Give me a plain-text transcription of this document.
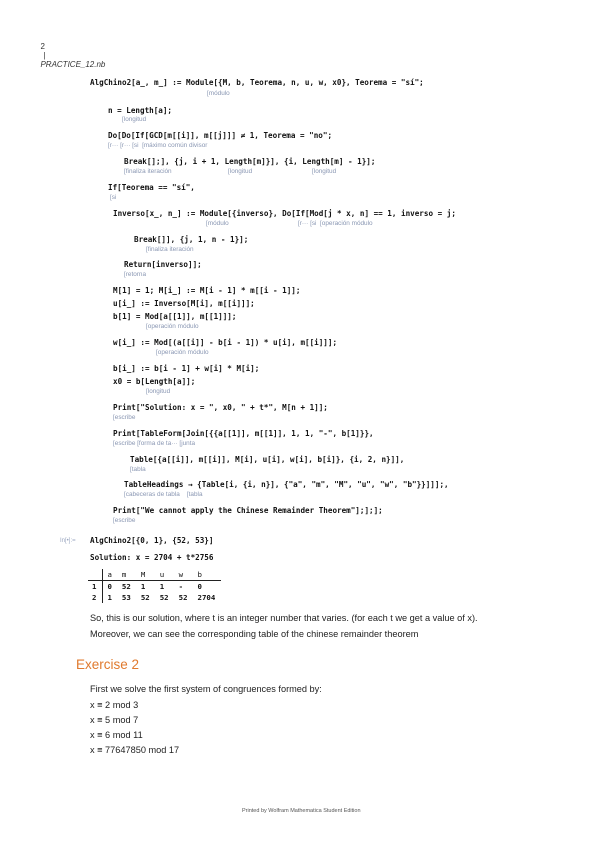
2
|
PRACTICE_12.nb

AlgChino2[a_, m_] := Module[{M, b, Teorema, n, u, w, x0}, Teorema = "sí";
[módulo
n = Length[a];
[longitud
Do[Do[If[GCD[m[[i]], m[[j]]] ≠ 1, Teorema = "no";
[r··· [r··· [si  [máximo común divisor
Break[];], {j, i + 1, Length[m]}], {i, Length[m] - 1}];
[finaliza iteración	[longitud	[longitud
If[Teorema == "sí",
[si
Inverso[x_, n_] := Module[{inverso}, Do[If[Mod[j * x, n] == 1, inverso = j;
[módulo	[r··· [si  [operación módulo
Break[]], {j, 1, n - 1}];
[finaliza iteración
Return[inverso]];
[retorna
M[1] = 1; M[i_] := M[i - 1] * m[[i - 1]];
u[i_] := Inverso[M[i], m[[i]]];
b[1] = Mod[a[[1]], m[[1]]];
[operación módulo
w[i_] := Mod[(a[[i]] - b[i - 1]) * u[i], m[[i]]];
[operación módulo
b[i_] := b[i - 1] + w[i] * M[i];
x0 = b[Length[a]];
[longitud
Print["Solution: x = ", x0, " + t*", M[n + 1]];
[escribe
Print[TableForm[Join[{{a[[1]], m[[1]], 1, 1, "-", b[1]}},
[escribe [forma de ta··· [junta
Table[{a[[i]], m[[i]], M[i], u[i], w[i], b[i]}, {i, 2, n}]],
[tabla
TableHeadings → {Table[i, {i, n}], {"a", "m", "M", "u", "w", "b"}}]]];,
[cabeceras de tabla    [tabla
Print["We cannot apply the Chinese Remainder Theorem"];];];
[escribe
In[•]:= AlgChino2[{0, 1}, {52, 53}]
Solution: x = 2704 + t*2756
	a	m	M	u	w	b
1	0	52	1	1	-	0
2	1	53	52	52	52	2704
So, this is our solution, where t is an integer number that varies. (for each t we get a value of x).
Moreover, we can see the corresponding table of the chinese remainder theorem
Exercise 2
First we solve the first system of congruences formed by:
x ≡ 2 mod 3
x ≡ 5 mod 7
x ≡ 6 mod 11
x ≡ 77647850 mod 17
Printed by Wolfram Mathematica Student Edition
